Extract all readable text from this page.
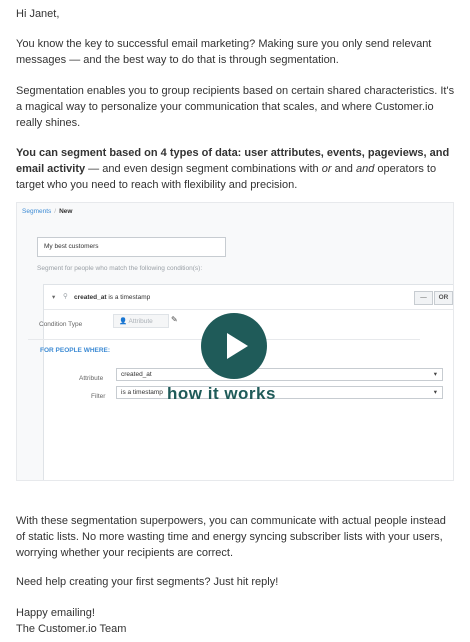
Hi Janet,
You know the key to successful email marketing? Making sure you only send relevant messages — and the best way to do that is through segmentation.
Segmentation enables you to group recipients based on certain shared characteristics. It's a magical way to personalize your communication that scales, and where Customer.io really shines.
You can segment based on 4 types of data: user attributes, events, pageviews, and email activity — and even design segment combinations with or and and operators to target who you need to reach with flexibility and precision.
Segments / New
My best customers
Segment for people who match the following condition(s):
▾ ⚲ created_at is a timestamp	—	OR
Condition Type	👤 Attribute	✎
FOR PEOPLE WHERE:
Attribute
created_at	▾
Filter
is a timestamp	▾
how it works
With these segmentation superpowers, you can communicate with actual people instead of static lists. No more wasting time and energy syncing subscriber lists with your users, worrying whether your recipients are correct.
Need help creating your first segments? Just hit reply!
Happy emailing!
The Customer.io Team
